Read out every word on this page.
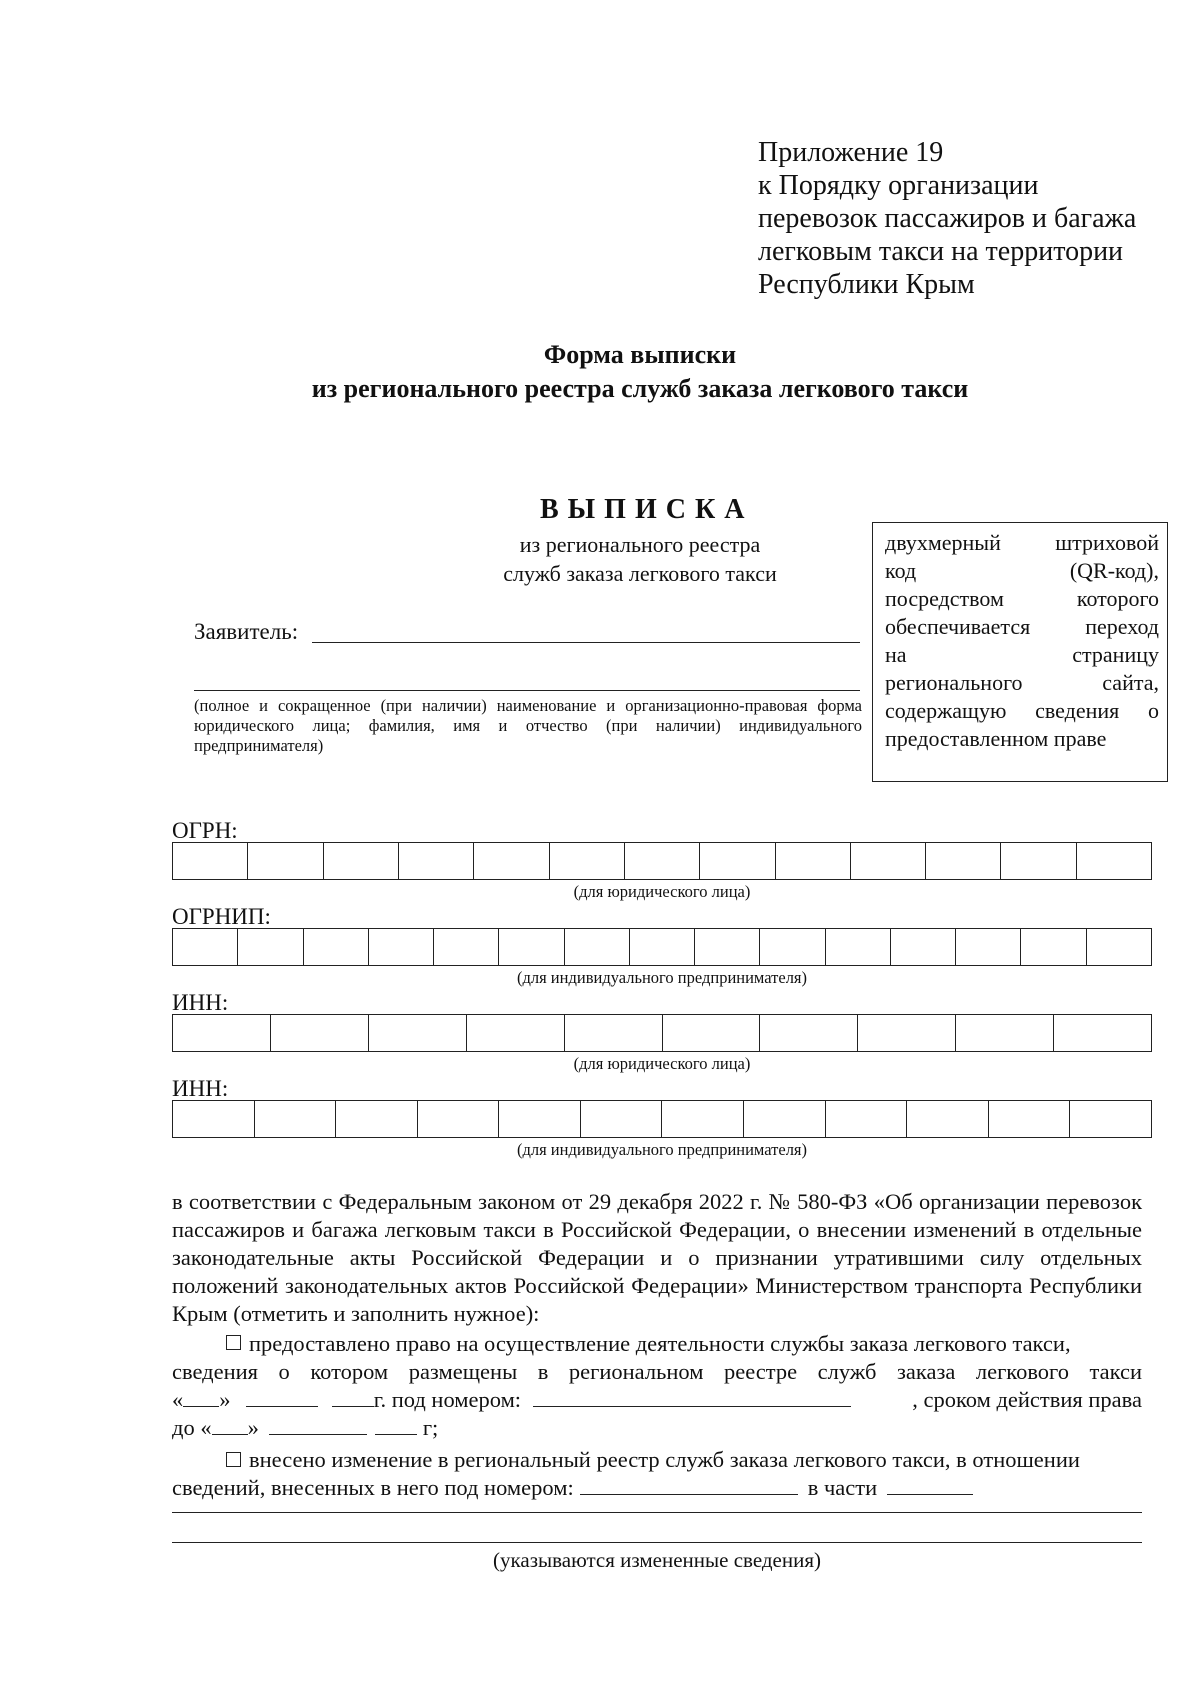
Приложение 19
к Порядку организации
перевозок пассажиров и багажа
легковым такси на территории
Республики Крым
Форма выписки
из регионального реестра служб заказа легкового такси
ВЫПИСКА
из регионального реестра
служб заказа легкового такси
двухмерный штриховой
код (QR-код),
посредством которого
обеспечивается переход
на страницу
регионального сайта,
содержащую сведения о
предоставленном праве
Заявитель:
(полное и сокращенное (при наличии) наименование и организационно-правовая форма юридического лица; фамилия, имя и отчество (при наличии) индивидуального предпринимателя)
ОГРН:
(для юридического лица)
ОГРНИП:
(для индивидуального предпринимателя)
ИНН:
(для юридического лица)
ИНН:
(для индивидуального предпринимателя)
в соответствии с Федеральным законом от 29 декабря 2022 г. № 580-ФЗ «Об организации перевозок пассажиров и багажа легковым такси в Российской Федерации, о внесении изменений в отдельные законодательные акты Российской Федерации и о признании утратившими силу отдельных положений законодательных актов Российской Федерации» Министерством транспорта Республики Крым (отметить и заполнить нужное):
предоставлено право на осуществление деятельности службы заказа легкового такси,
сведения о котором размещены в региональном реестре служб заказа легкового такси
« »	г. под номером:	, сроком действия права
до « »	г;
внесено изменение в региональный реестр служб заказа легкового такси, в отношении
сведений, внесенных в него под номером:	в части
(указываются измененные сведения)
